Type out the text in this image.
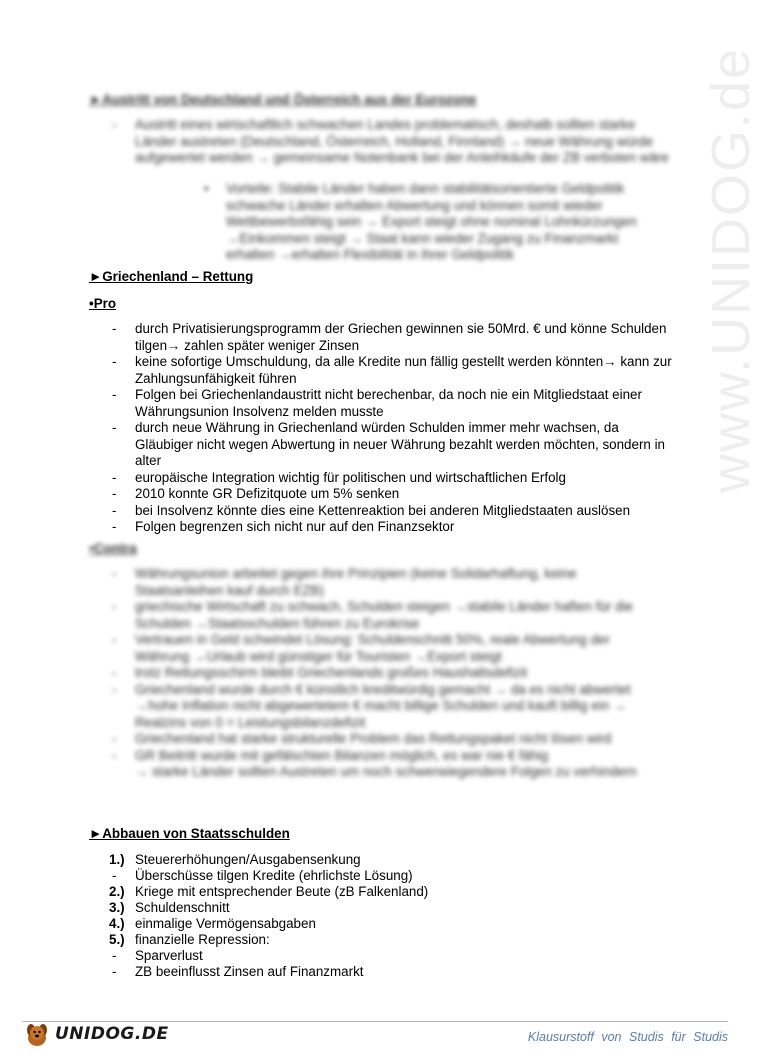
www.UNIDOG.de
►Austritt von Deutschland und Österreich aus der Eurozone
- Austritt eines wirtschaftlich schwachen Landes problematisch, deshalb sollten starke Länder austreten (Deutschland, Österreich, Holland, Finnland) → neue Währung würde aufgewertet werden → gemeinsame Notenbank bei der Anleihkäufe der ZB verboten wäre
• Vorteile: Stabile Länder haben dann stabilitätsorientierte Geldpolitik schwache Länder erhalten Abwertung und können somit wieder Wettbewerbsfähig sein → Export steigt ohne nominal Lohnkürzungen →Einkommen steigt → Staat kann wieder Zugang zu Finanzmarkt erhalten →erhalten Flexibilität in ihrer Geldpolitik
►Griechenland – Rettung
•Pro
- durch Privatisierungsprogramm der Griechen gewinnen sie 50Mrd. € und könne Schulden tilgen→ zahlen später weniger Zinsen
- keine sofortige Umschuldung, da alle Kredite nun fällig gestellt werden könnten→ kann zur Zahlungsunfähigkeit führen
- Folgen bei Griechenlandaustritt nicht berechenbar, da noch nie ein Mitgliedstaat einer Währungsunion Insolvenz melden musste
- durch neue Währung in Griechenland würden Schulden immer mehr wachsen, da Gläubiger nicht wegen Abwertung in neuer Währung bezahlt werden möchten, sondern in alter
- europäische Integration wichtig für politischen und wirtschaftlichen Erfolg
- 2010 konnte GR Defizitquote um 5% senken
- bei Insolvenz könnte dies eine Kettenreaktion bei anderen Mitgliedstaaten auslösen
- Folgen begrenzen sich nicht nur auf den Finanzsektor
•Contra
- Währungsunion arbeitet gegen ihre Prinzipien (keine Solidarhaftung, keine Staatsanleihen kauf durch EZB)
- griechische Wirtschaft zu schwach, Schulden steigen →stabile Länder haften für die Schulden →Staatsschulden führen zu Eurokrise
- Vertrauen in Geld schwindet Lösung: Schuldenschnitt 50%, reale Abwertung der Währung →Urlaub wird günstiger für Touristen →Export steigt
- trotz Rettungsschirm bleibt Griechenlands großes Haushaltsdefizit
- Griechenland wurde durch € künstlich kreditwürdig gemacht → da es nicht abwertet →hohe Inflation nicht abgewertetem € macht billige Schulden und kauft billig ein → Realzins von 0 = Leistungsbilanzdefizit
- Griechenland hat starke strukturelle Problem das Rettungspaket nicht lösen wird
- GR Beitritt wurde mit gefälschten Bilanzen möglich, es war nie € fähig
→ starke Länder sollten Austreten um noch schwerwiegendere Folgen zu verhindern
►Abbauen von Staatsschulden
1.) Steuererhöhungen/Ausgabensenkung
- Überschüsse tilgen Kredite (ehrlichste Lösung)
2.) Kriege mit entsprechender Beute (zB Falkenland)
3.) Schuldenschnitt
4.) einmalige Vermögensabgaben
5.) finanzielle Repression:
- Sparverlust
- ZB beeinflusst Zinsen auf Finanzmarkt
UNIDOG.DE	Klausurstoff von Studis für Studis
